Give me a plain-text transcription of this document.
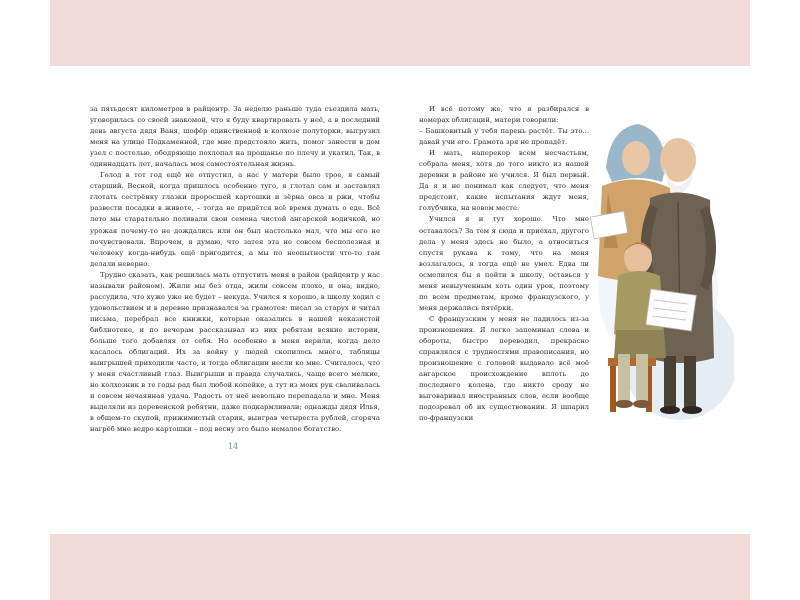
за пятьдесят километров в райцентр. За неделю раньше туда съездила мать, уговорилась со своей знакомой, что я буду квартировать у неё, а в последний день августа дядя Ваня, шофёр единственной в колхозе полуторки, выгрузил меня на улице Подкаменной, где мне предстояло жить, помог занести в дом узел с постелью, ободряюще похлопал на прощанье по плечу и укатил. Так, в одиннадцать лет, началась моя самостоятельная жизнь.

Голод в тот год ещё не отпустил, а нас у матери было трое, я самый старший. Весной, когда пришлось особенно туго, я глотал сам и заставлял глотать сестрёнку глазки проросшей картошки и зёрна овса и ржи, чтобы развести посадки в животе, – тогда не придётся всё время думать о еде. Всё лето мы старательно поливали свои семена чистой ангарской водичкой, но урожая почему-то не дождались или он был настолько мал, что мы его не почувствовали. Впрочем, я думаю, что затея эта не совсем бесполезная и человеку когда-нибудь ещё пригодится, а мы по неопытности что-то там делали неверно.

Трудно сказать, как решилась мать отпустить меня в район (райцентр у нас называли районом). Жили мы без отца, жили совсем плохо, и она, видно, рассудила, что хуже уже не будет – некуда. Учился я хорошо, в школу ходил с удовольствием и в деревне признавался за грамотея: писал за старух и читал письма, перебрал все книжки, которые оказались в нашей неказистой библиотеке, и по вечерам рассказывал из них ребятам всякие истории, больше того добавляя от себя. Но особенно в меня верили, когда дело касалось облигаций. Их за войну у людей скопилось много, таблицы выигрышей приходили часто, и тогда облигации несли ко мне. Считалось, что у меня счастливый глаз. Выигрыши и правда случались, чаще всего мелкие, но колхозник в те годы рад был любой копейке, а тут из моих рук сваливалась и совсем нечаянная удача. Радость от неё невольно перепадала и мне. Меня выделяли из деревенской ребятни, даже подкармливали; однажды дядя Илья, в общем-то скупой, прижимистый старик, выиграв четыреста рублей, сгоряча нагрёб мне ведро картошки – под весну это было немалое богатство.

14

И всё потому же, что я разбирался в номерах облигаций, матери говорили:

– Башковитый у тебя парень растёт. Ты это... давай учи его. Грамота зря не пропадёт.

И мать, наперекор всем несчастьям, собрала меня, хотя до того никто из нашей деревни в районе не учился. Я был первый. Да я и не понимал как следует, что меня предстоит, какие испытания ждут меня, голубчика, на новом месте.

Учился я и тут хорошо. Что мне оставалось? За тем я сюда и приехал, другого дела у меня здесь не было, а относиться спустя рукава к тому, что на меня возлагалось, я тогда ещё не умел. Едва ли осмелился бы я пойти в школу, оставься у меня невыученным хоть один урок, поэтому по всем предметам, кроме французского, у меня держались пятёрки.

С французским у меня не ладилось из-за произношения. Я легко запоминал слова и обороты, быстро переводил, прекрасно справлялся с трудностями правописания, но произношение с головой выдавало всё моё ангарское происхождение вплоть до последнего колена, где никто сроду не выговаривал иностранных слов, если вообще подозревал об их существовании. Я шпарил по-французски
